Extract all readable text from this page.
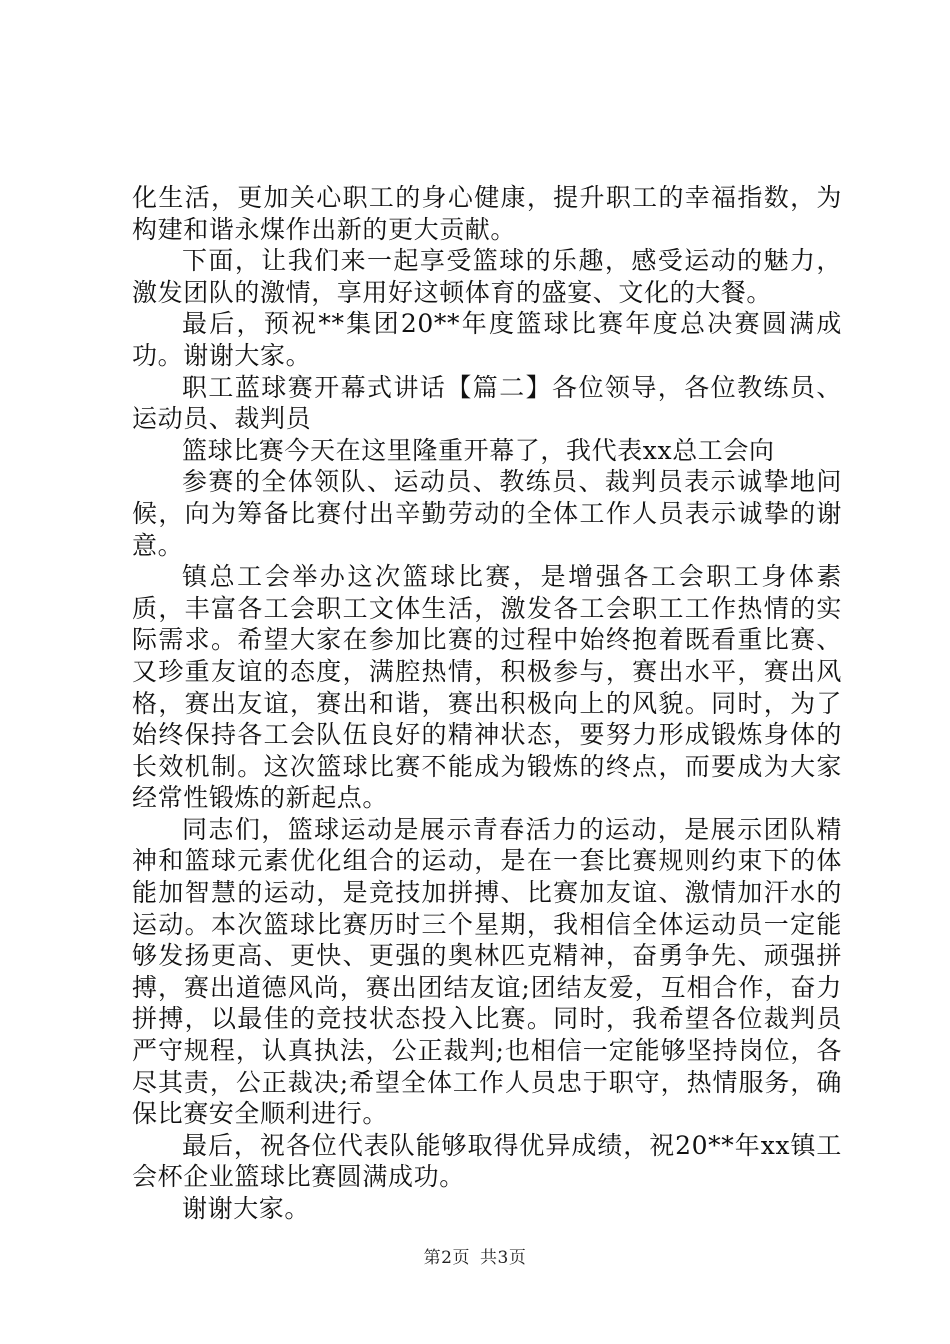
化生活，更加关心职工的身心健康，提升职工的幸福指数，为构建和谐永煤作出新的更大贡献。

下面，让我们来一起享受篮球的乐趣，感受运动的魅力，激发团队的激情，享用好这顿体育的盛宴、文化的大餐。

最后，预祝**集团20**年度篮球比赛年度总决赛圆满成功。谢谢大家。

职工蓝球赛开幕式讲话【篇二】各位领导，各位教练员、运动员、裁判员

篮球比赛今天在这里隆重开幕了，我代表xx总工会向

参赛的全体领队、运动员、教练员、裁判员表示诚挚地问候，向为筹备比赛付出辛勤劳动的全体工作人员表示诚挚的谢意。

镇总工会举办这次篮球比赛，是增强各工会职工身体素质，丰富各工会职工文体生活，激发各工会职工工作热情的实际需求。希望大家在参加比赛的过程中始终抱着既看重比赛、又珍重友谊的态度，满腔热情，积极参与，赛出水平，赛出风格，赛出友谊，赛出和谐，赛出积极向上的风貌。同时，为了始终保持各工会队伍良好的精神状态，要努力形成锻炼身体的长效机制。这次篮球比赛不能成为锻炼的终点，而要成为大家经常性锻炼的新起点。

同志们，篮球运动是展示青春活力的运动，是展示团队精神和篮球元素优化组合的运动，是在一套比赛规则约束下的体能加智慧的运动，是竞技加拼搏、比赛加友谊、激情加汗水的运动。本次篮球比赛历时三个星期，我相信全体运动员一定能够发扬更高、更快、更强的奥林匹克精神，奋勇争先、顽强拼搏，赛出道德风尚，赛出团结友谊;团结友爱，互相合作，奋力拼搏，以最佳的竞技状态投入比赛。同时，我希望各位裁判员严守规程，认真执法，公正裁判;也相信一定能够坚持岗位，各尽其责，公正裁决;希望全体工作人员忠于职守，热情服务，确保比赛安全顺利进行。

最后，祝各位代表队能够取得优异成绩，祝20**年xx镇工会杯企业篮球比赛圆满成功。

谢谢大家。

第2页 共3页
